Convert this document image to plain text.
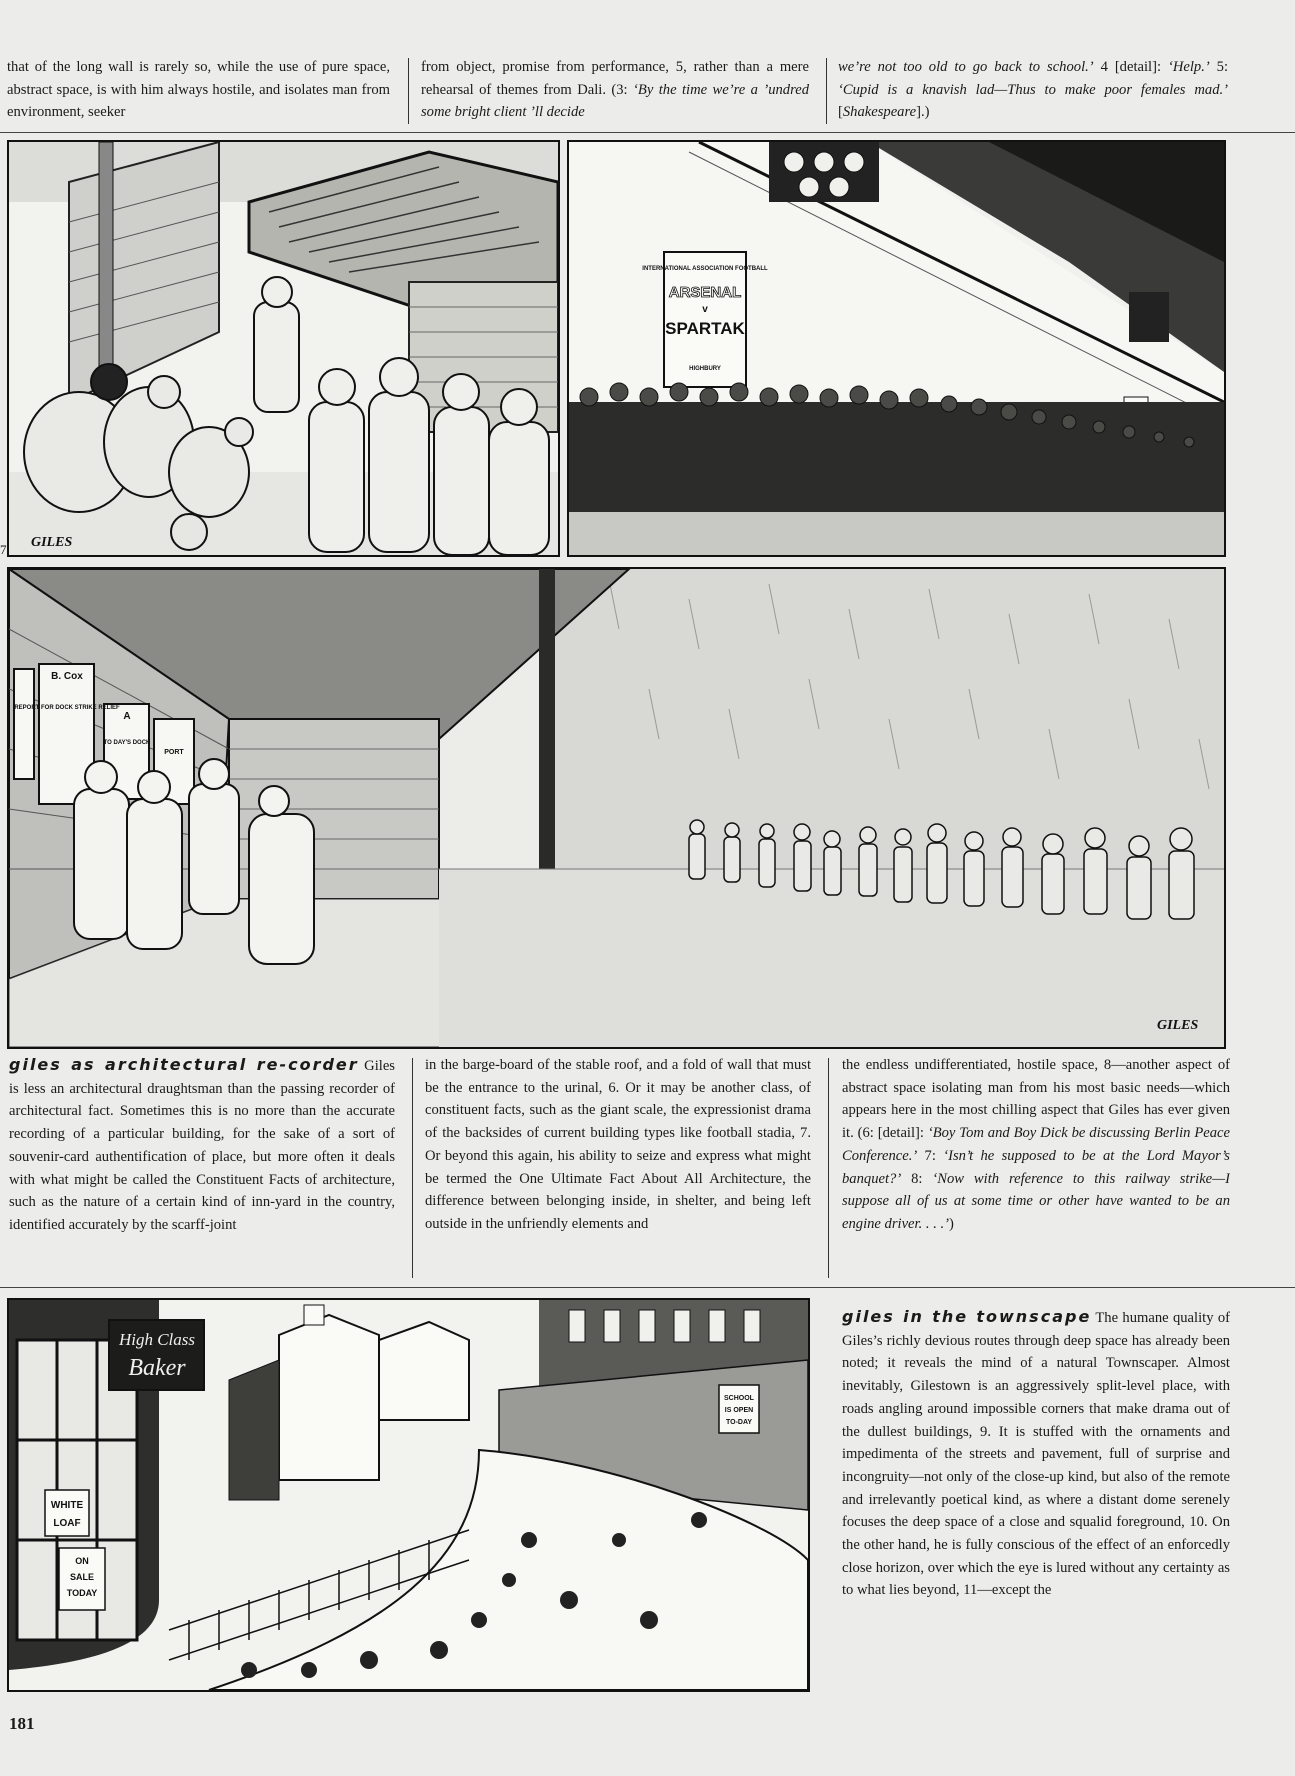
that of the long wall is rarely so, while the use of pure space, abstract space, is with him always hostile, and isolates man from environment, seeker
from object, promise from performance, 5, rather than a mere rehearsal of themes from Dali. (3: ‘By the time we’re a ’undred some bright client ’ll decide
we’re not too old to go back to school.’ 4 [detail]: ‘Help.’ 5: ‘Cupid is a knavish lad—Thus to make poor females mad.’ [Shakespeare].)
GILES
7
INTERNATIONAL ASSOCIATION FOOTBALL
ARSENAL
v
SPARTAK
HIGHBURY
B. Cox
REPORT FOR DOCK STRIKE RELIEF
A
TO DAY'S DOCK
PORT
GILES
giles as architectural re-corder Giles is less an architectural draughtsman than the passing recorder of architectural fact. Sometimes this is no more than the accurate recording of a particular building, for the sake of a sort of souvenir-card authentification of place, but more often it deals with what might be called the Constituent Facts of architecture, such as the nature of a certain kind of inn-yard in the country, identified accurately by the scarff-joint
in the barge-board of the stable roof, and a fold of wall that must be the entrance to the urinal, 6. Or it may be another class, of constituent facts, such as the giant scale, the expressionist drama of the backsides of current building types like football stadia, 7. Or beyond this again, his ability to seize and express what might be termed the One Ultimate Fact About All Architecture, the difference between belonging inside, in shelter, and being left outside in the unfriendly elements and
the endless undifferentiated, hostile space, 8—another aspect of abstract space isolating man from his most basic needs—which appears here in the most chilling aspect that Giles has ever given it. (6: [detail]: ‘Boy Tom and Boy Dick be discussing Berlin Peace Conference.’ 7: ‘Isn’t he supposed to be at the Lord Mayor’s banquet?’ 8: ‘Now with reference to this railway strike—I suppose all of us at some time or other have wanted to be an engine driver. . . .’)
SCHOOL
IS OPEN
TO-DAY
High Class
Baker
WHITE
LOAF
ON
SALE
TODAY
giles in the townscape The humane quality of Giles’s richly devious routes through deep space has already been noted; it reveals the mind of a natural Townscaper. Almost inevitably, Gilestown is an aggressively split-level place, with roads angling around impossible corners that make drama out of the dullest buildings, 9. It is stuffed with the ornaments and impedimenta of the streets and pavement, full of surprise and incongruity—not only of the close-up kind, but also of the remote and irrelevantly poetical kind, as where a distant dome serenely focuses the deep space of a close and squalid foreground, 10. On the other hand, he is fully conscious of the effect of an enforcedly close horizon, over which the eye is lured without any certainty as to what lies beyond, 11—except the
181
